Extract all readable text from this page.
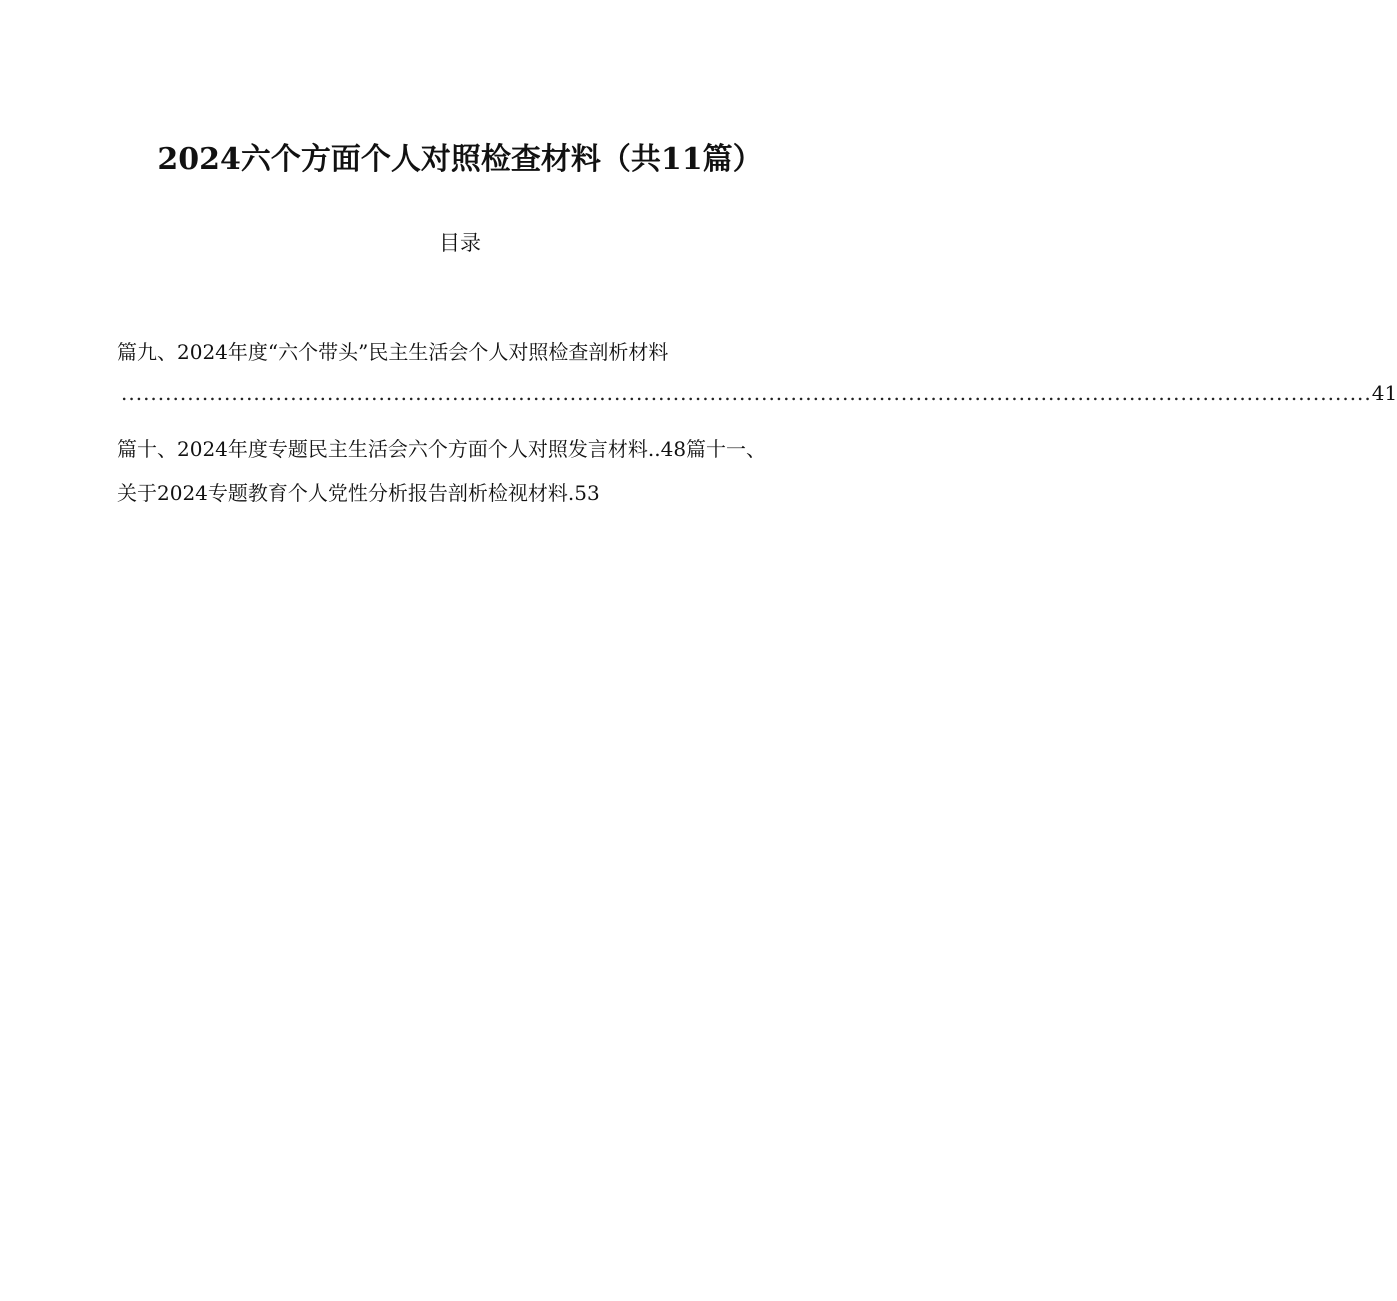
2024六个方面个人对照检查材料（共11篇）
目录
篇九、2024年度“六个带头”民主生活会个人对照检查剖析材料
.......................................................................................................................................................................... 41
篇十、2024年度专题民主生活会六个方面个人对照发言材料..48篇十一、
关于2024专题教育个人党性分析报告剖析检视材料.53
